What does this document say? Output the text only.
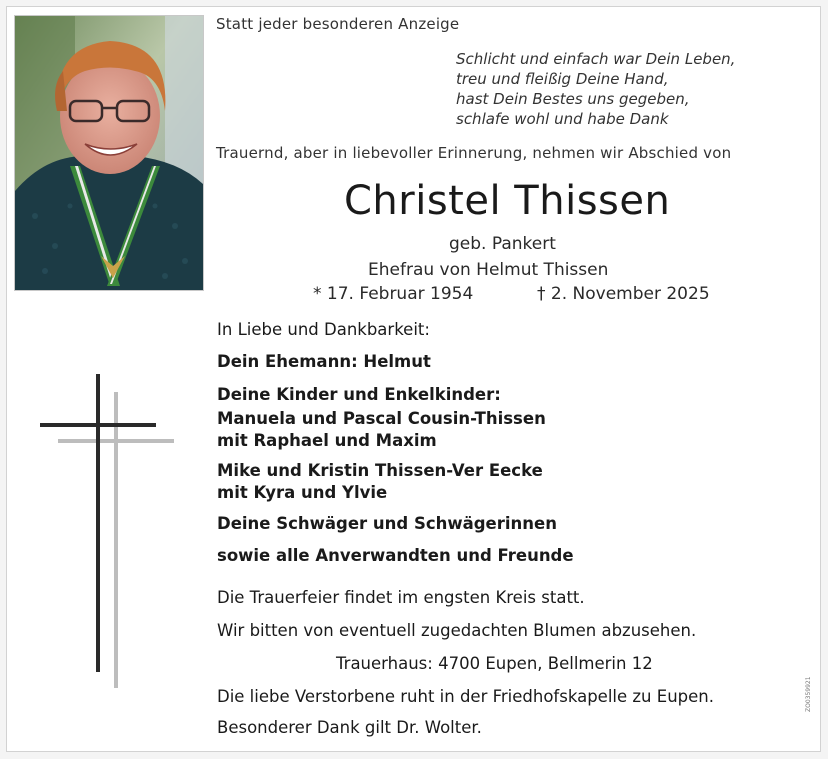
Statt jeder besonderen Anzeige
Schlicht und einfach war Dein Leben,
treu und fleißig Deine Hand,
hast Dein Bestes uns gegeben,
schlafe wohl und habe Dank
Trauernd, aber in liebevoller Erinnerung, nehmen wir Abschied von
Christel Thissen
geb. Pankert
Ehefrau von Helmut Thissen
* 17. Februar 1954	† 2. November 2025
In Liebe und Dankbarkeit:
Dein Ehemann: Helmut
Deine Kinder und Enkelkinder:
Manuela und Pascal Cousin-Thissen
mit Raphael und Maxim
Mike und Kristin Thissen-Ver Eecke
mit Kyra und Ylvie
Deine Schwäger und Schwägerinnen
sowie alle Anverwandten und Freunde
Die Trauerfeier findet im engsten Kreis statt.
Wir bitten von eventuell zugedachten Blumen abzusehen.
Trauerhaus: 4700 Eupen, Bellmerin 12
Die liebe Verstorbene ruht in der Friedhofskapelle zu Eupen.
Besonderer Dank gilt Dr. Wolter.
ZO0359921
